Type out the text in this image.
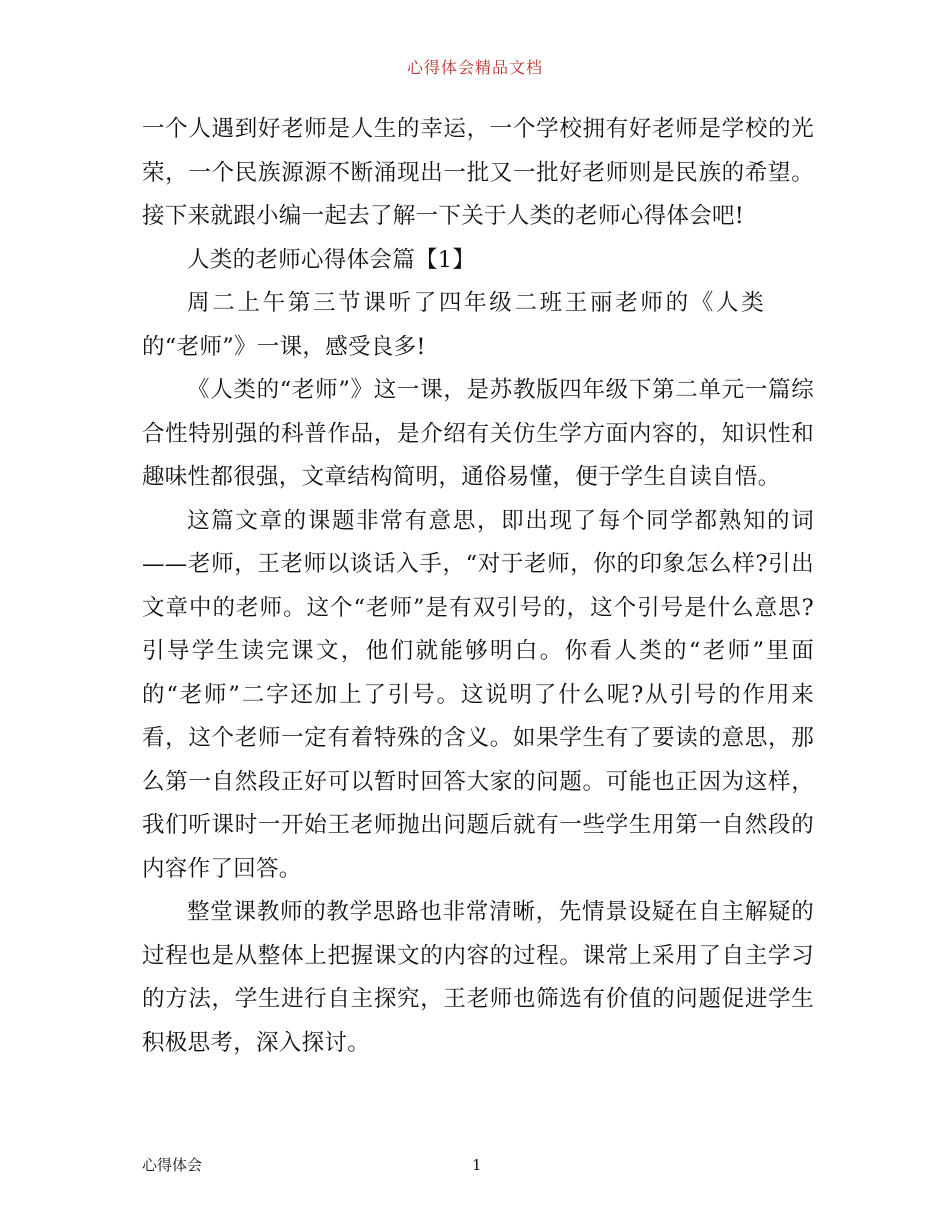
心得体会精品文档

一个人遇到好老师是人生的幸运，一个学校拥有好老师是学校的光荣，一个民族源源不断涌现出一批又一批好老师则是民族的希望。接下来就跟小编一起去了解一下关于人类的老师心得体会吧!

人类的老师心得体会篇【1】

周二上午第三节课听了四年级二班王丽老师的《人类的“老师”》一课，感受良多!

《人类的“老师”》这一课，是苏教版四年级下第二单元一篇综合性特别强的科普作品，是介绍有关仿生学方面内容的，知识性和趣味性都很强，文章结构简明，通俗易懂，便于学生自读自悟。

这篇文章的课题非常有意思，即出现了每个同学都熟知的词——老师，王老师以谈话入手，“对于老师，你的印象怎么样?引出文章中的老师。这个“老师”是有双引号的，这个引号是什么意思?引导学生读完课文，他们就能够明白。你看人类的“老师”里面的“老师”二字还加上了引号。这说明了什么呢?从引号的作用来看，这个老师一定有着特殊的含义。如果学生有了要读的意思，那么第一自然段正好可以暂时回答大家的问题。可能也正因为这样，我们听课时一开始王老师抛出问题后就有一些学生用第一自然段的内容作了回答。

整堂课教师的教学思路也非常清晰，先情景设疑在自主解疑的过程也是从整体上把握课文的内容的过程。课常上采用了自主学习的方法，学生进行自主探究，王老师也筛选有价值的问题促进学生积极思考，深入探讨。

心得体会	1
